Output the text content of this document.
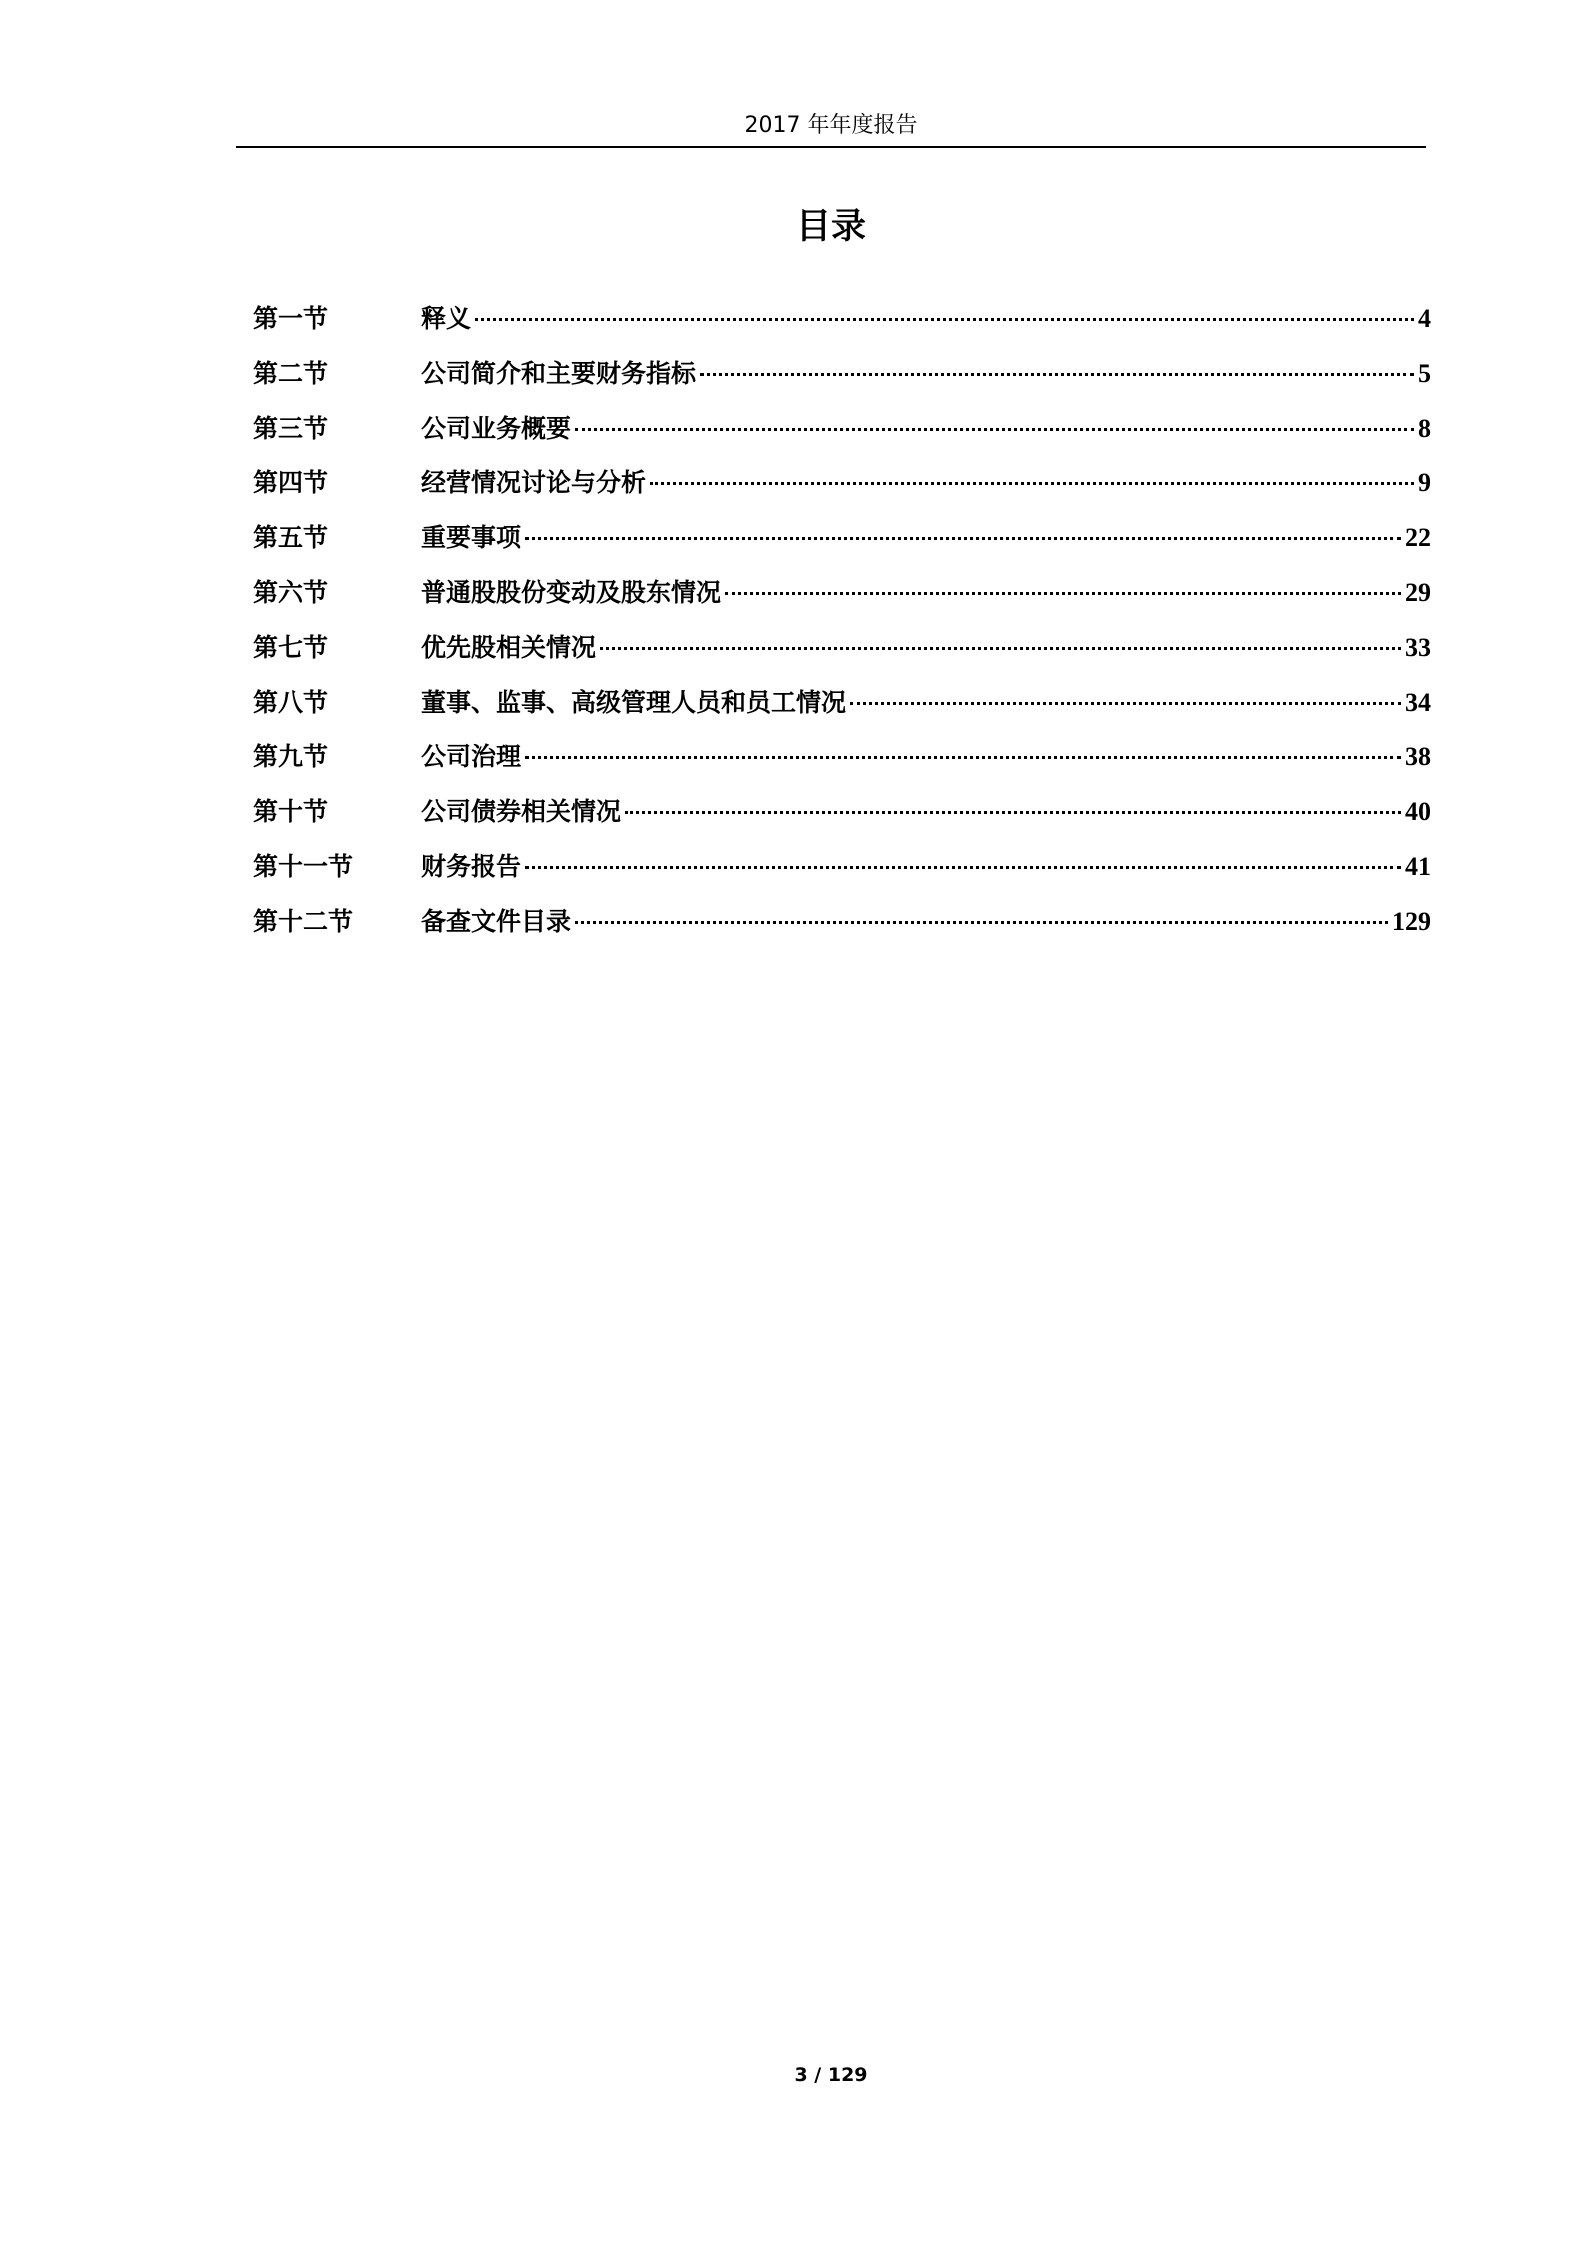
2017 年年度报告
目录
第一节	释义	4
第二节	公司简介和主要财务指标	5
第三节	公司业务概要	8
第四节	经营情况讨论与分析	9
第五节	重要事项	22
第六节	普通股股份变动及股东情况	29
第七节	优先股相关情况	33
第八节	董事、监事、高级管理人员和员工情况	34
第九节	公司治理	38
第十节	公司债券相关情况	40
第十一节	财务报告	41
第十二节	备查文件目录	129
3 / 129
